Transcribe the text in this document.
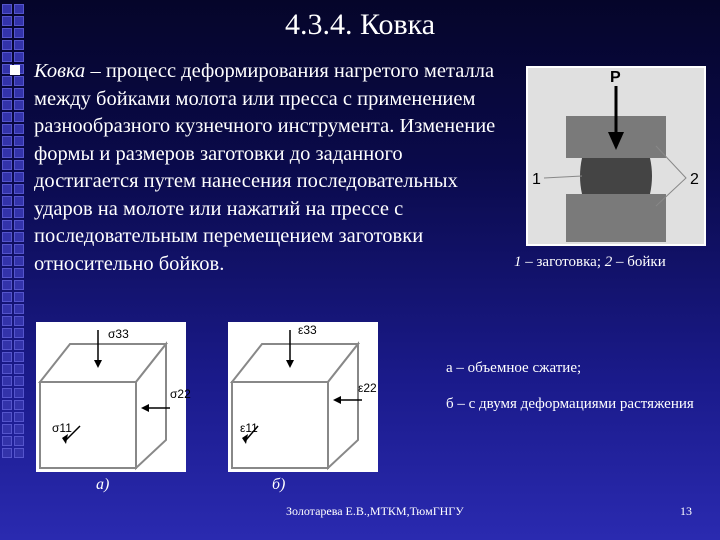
4.3.4. Ковка
Ковка – процесс деформирования нагретого металла между бойками молота или пресса с применением разнообразного кузнечного инструмента. Изменение формы и размеров заготовки до заданного достигается путем нанесения последовательных ударов на молоте или нажатий на прессе с последовательным перемещением заготовки относительно бойков.
P
1	2
1 – заготовка; 2 – бойки
σ33
σ22
σ11
а)
ε33
ε22
ε11
б)
а – объемное сжатие;
б – с двумя деформациями растяжения
Золотарева Е.В.,МТКМ,ТюмГНГУ	13
